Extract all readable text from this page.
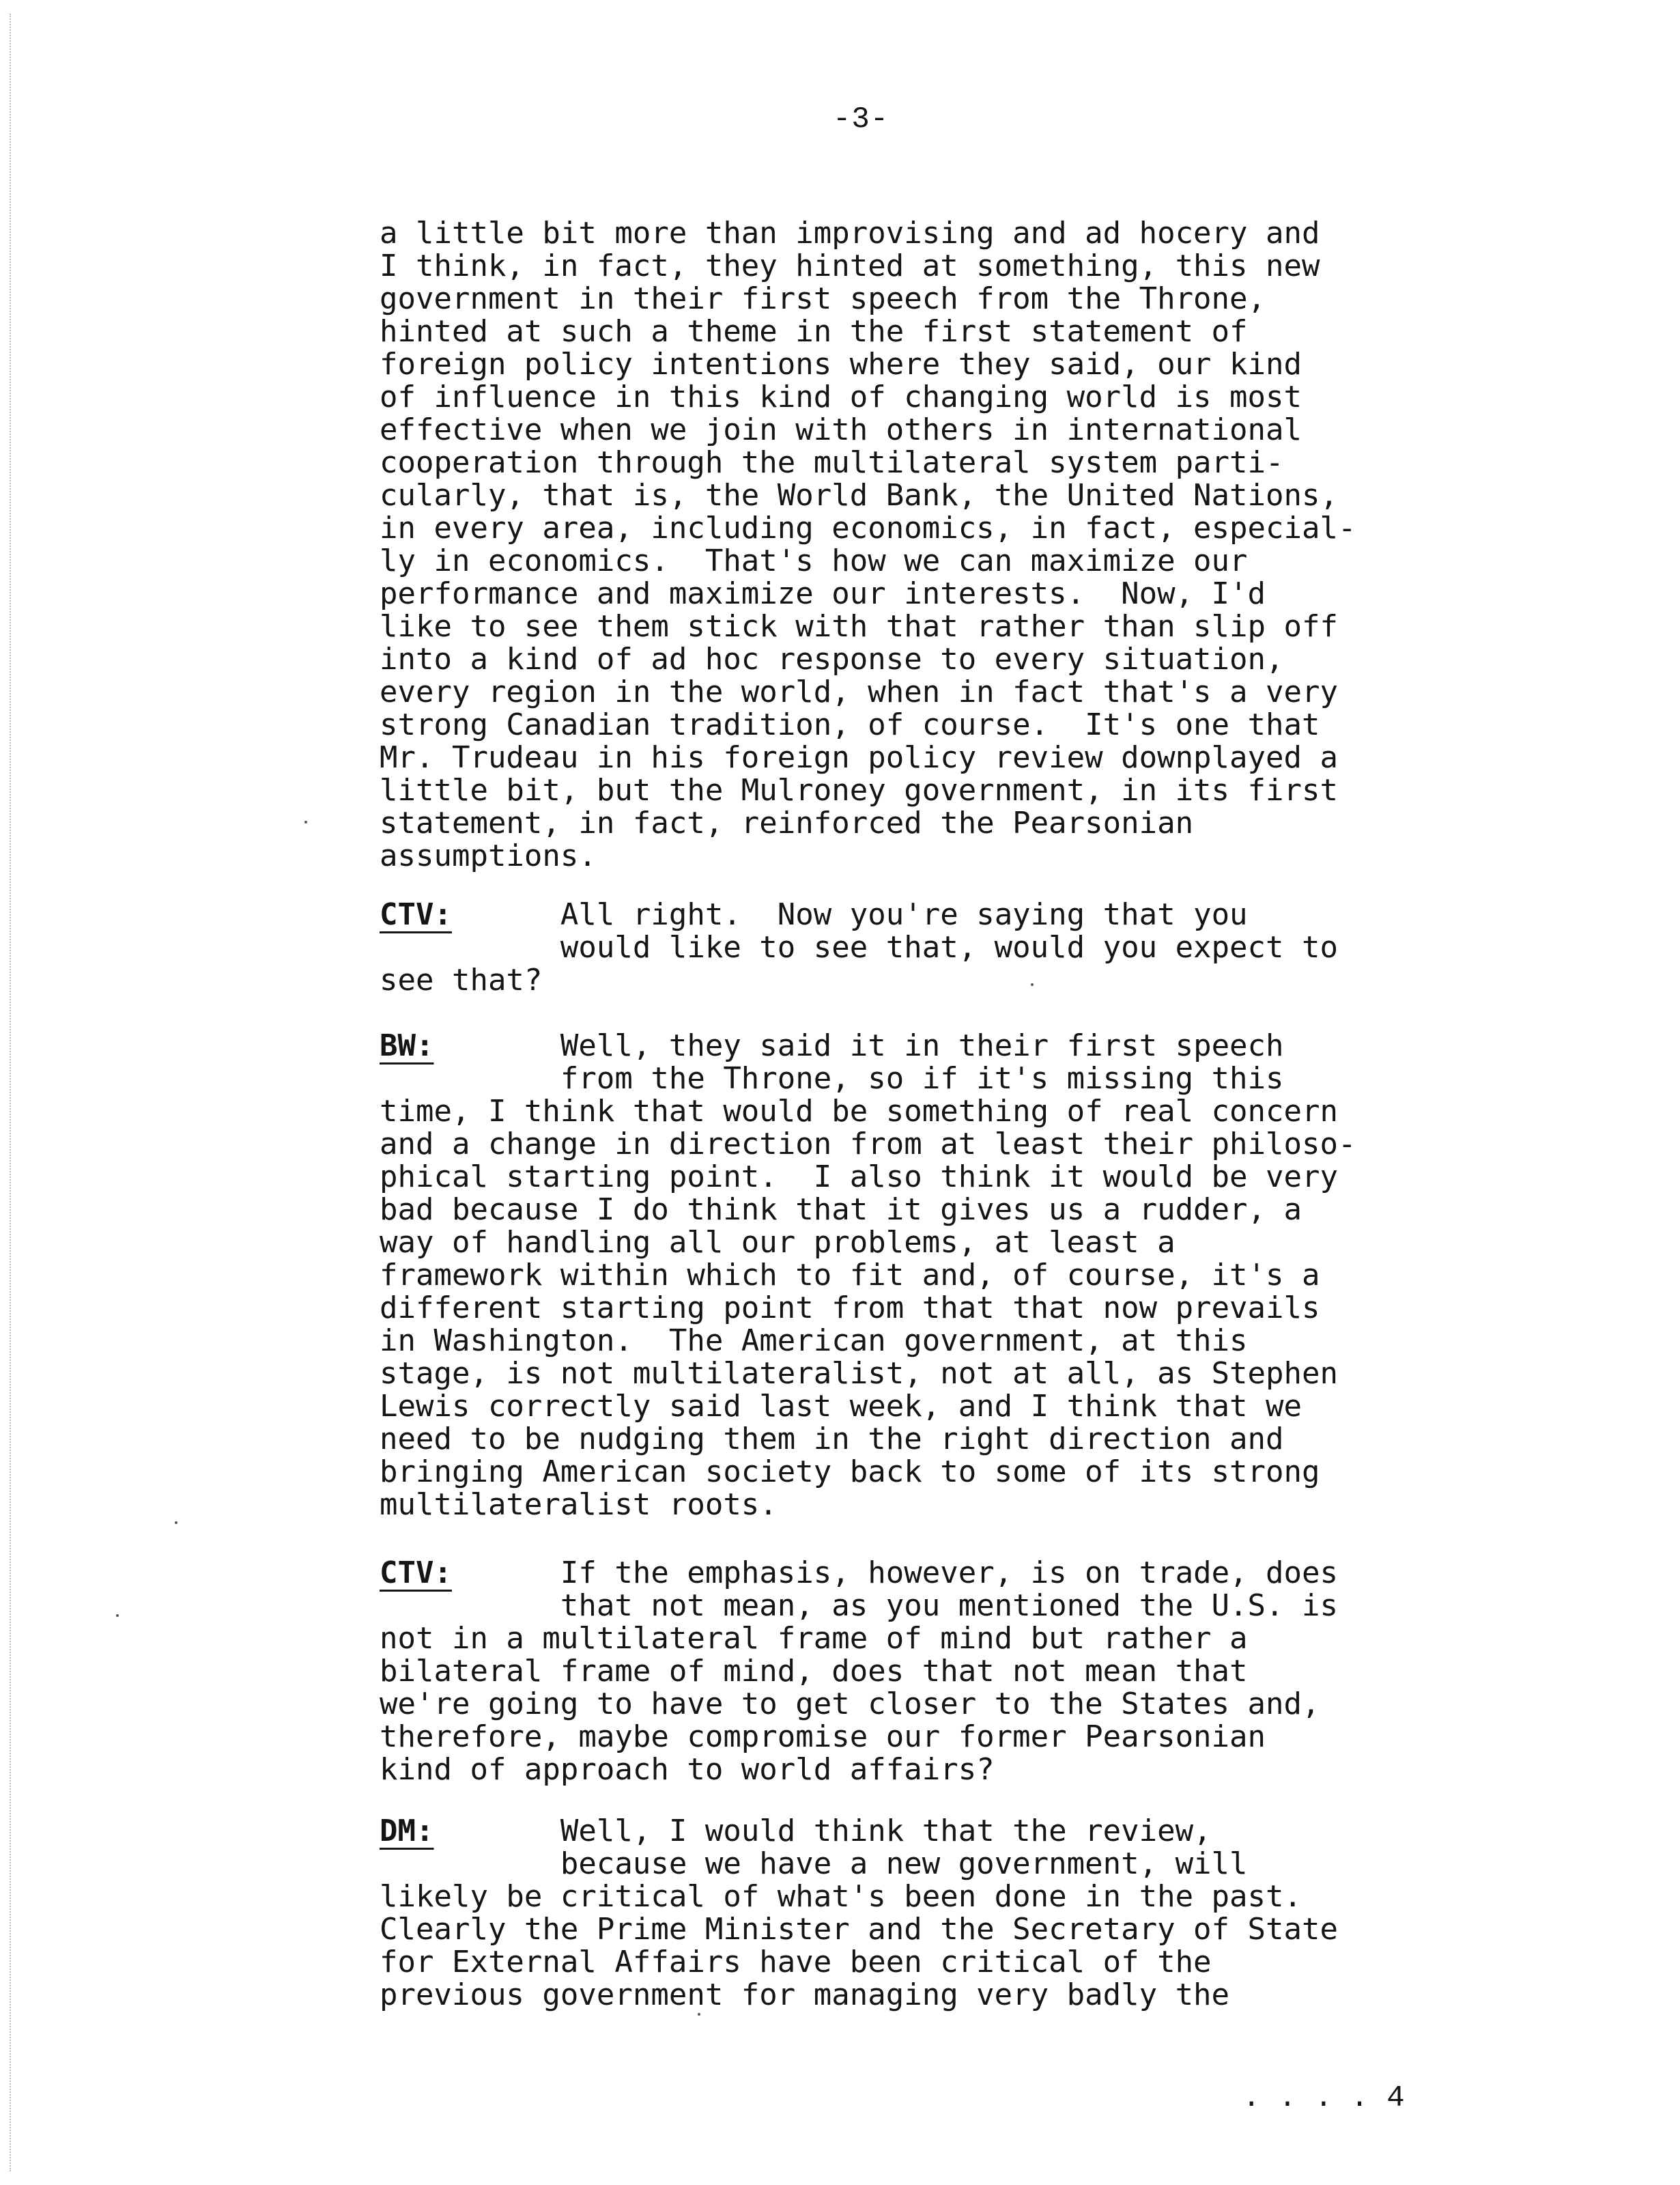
-3-
a little bit more than improvising and ad hocery and
I think, in fact, they hinted at something, this new
government in their first speech from the Throne,
hinted at such a theme in the first statement of
foreign policy intentions where they said, our kind
of influence in this kind of changing world is most
effective when we join with others in international
cooperation through the multilateral system parti-
cularly, that is, the World Bank, the United Nations,
in every area, including economics, in fact, especial-
ly in economics.  That's how we can maximize our
performance and maximize our interests.  Now, I'd
like to see them stick with that rather than slip off
into a kind of ad hoc response to every situation,
every region in the world, when in fact that's a very
strong Canadian tradition, of course.  It's one that
Mr. Trudeau in his foreign policy review downplayed a
little bit, but the Mulroney government, in its first
statement, in fact, reinforced the Pearsonian
assumptions.
CTV:	All right.  Now you're saying that you
would like to see that, would you expect to
see that?
BW:	Well, they said it in their first speech
from the Throne, so if it's missing this
time, I think that would be something of real concern
and a change in direction from at least their philoso-
phical starting point.  I also think it would be very
bad because I do think that it gives us a rudder, a
way of handling all our problems, at least a
framework within which to fit and, of course, it's a
different starting point from that that now prevails
in Washington.  The American government, at this
stage, is not multilateralist, not at all, as Stephen
Lewis correctly said last week, and I think that we
need to be nudging them in the right direction and
bringing American society back to some of its strong
multilateralist roots.
CTV:	If the emphasis, however, is on trade, does
that not mean, as you mentioned the U.S. is
not in a multilateral frame of mind but rather a
bilateral frame of mind, does that not mean that
we're going to have to get closer to the States and,
therefore, maybe compromise our former Pearsonian
kind of approach to world affairs?
DM:	Well, I would think that the review,
because we have a new government, will
likely be critical of what's been done in the past.
Clearly the Prime Minister and the Secretary of State
for External Affairs have been critical of the
previous government for managing very badly the
. . . . 4
